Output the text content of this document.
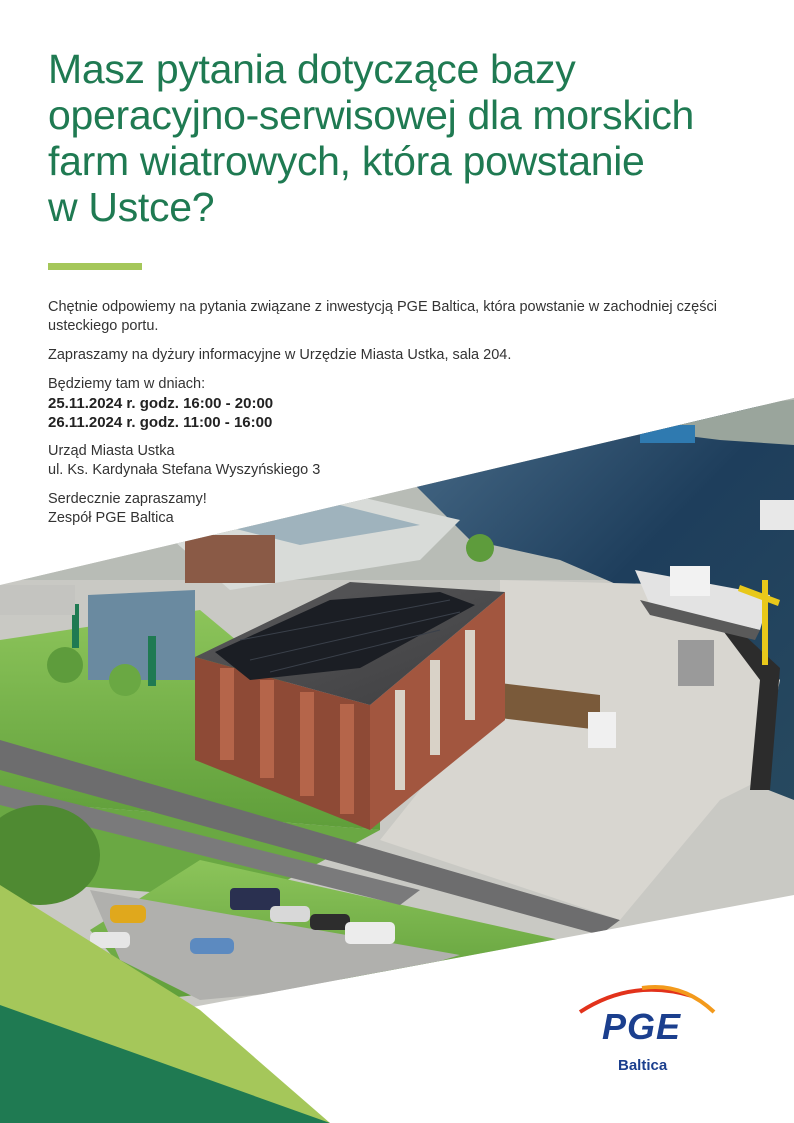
Masz pytania dotyczące bazy
operacyjno-serwisowej dla morskich
farm wiatrowych, która powstanie
w Ustce?

Chętnie odpowiemy na pytania związane z inwestycją PGE Baltica, która powstanie w zachodniej części
usteckiego portu.

Zapraszamy na dyżury informacyjne w Urzędzie Miasta Ustka, sala 204.

Będziemy tam w dniach:
25.11.2024 r. godz. 16:00 - 20:00
26.11.2024 r. godz. 11:00 - 16:00

Urząd Miasta Ustka
ul. Ks. Kardynała Stefana Wyszyńskiego 3

Serdecznie zapraszamy!
Zespół PGE Baltica

PGE
Baltica
